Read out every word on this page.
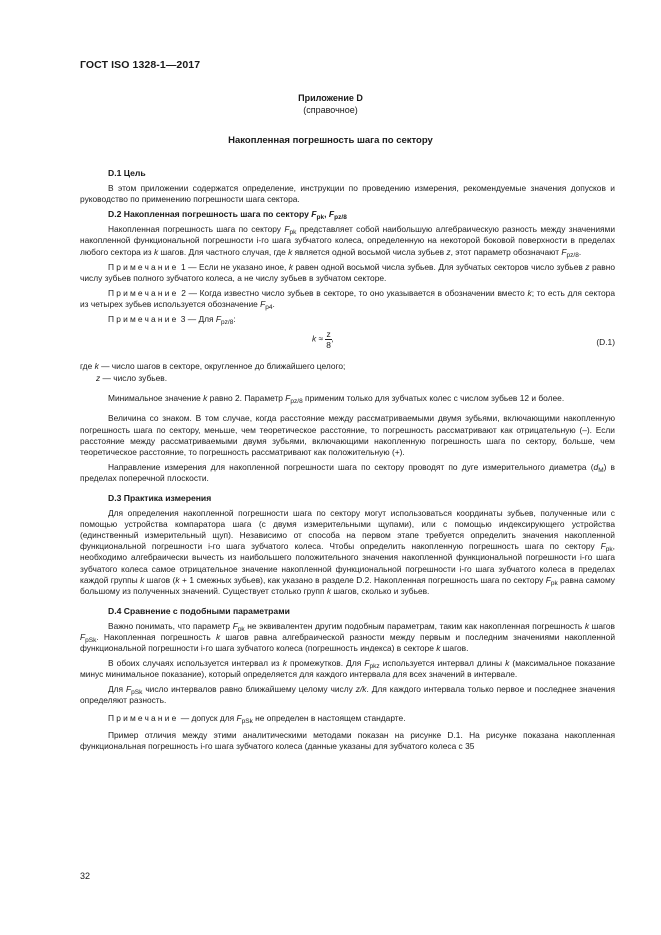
ГОСТ ISO 1328-1—2017
Приложение D
(справочное)
Накопленная погрешность шага по сектору
D.1 Цель
В этом приложении содержатся определение, инструкции по проведению измерения, рекомендуемые значения допусков и руководство по применению погрешности шага сектора.
D.2 Накопленная погрешность шага по сектору $F_{pk}$, $F_{pz/8}$
Накопленная погрешность шага по сектору $F_{pk}$ представляет собой наибольшую алгебраическую разность между значениями накопленной функциональной погрешности i-го шага зубчатого колеса, определенную на некоторой боковой поверхности в пределах любого сектора из k шагов. Для частного случая, где k является одной восьмой числа зубьев z, этот параметр обозначают $F_{pz/8}$.
Примечание 1 — Если не указано иное, k равен одной восьмой числа зубьев. Для зубчатых секторов число зубьев z равно числу зубьев полного зубчатого колеса, а не числу зубьев в зубчатом секторе.
Примечание 2 — Когда известно число зубьев в секторе, то оно указывается в обозначении вместо k; то есть для сектора из четырех зубьев используется обозначение $F_{p4}$.
Примечание 3 — Для $F_{pz/8}$:
$k \approx \frac{z}{8}$ ,	(D.1)
где k — число шагов в секторе, округленное до ближайшего целого;
z — число зубьев.
Минимальное значение k равно 2. Параметр $F_{pz/8}$ применим только для зубчатых колес с числом зубьев 12 и более.
Величина со знаком. В том случае, когда расстояние между рассматриваемыми двумя зубьями, включающими накопленную погрешность шага по сектору, меньше, чем теоретическое расстояние, то погрешность рассматривают как отрицательную (–). Если расстояние между рассматриваемыми двумя зубьями, включающими накопленную погрешность шага по сектору, больше, чем теоретическое расстояние, то погрешность рассматривают как положительную (+).
Направление измерения для накопленной погрешности шага по сектору проводят по дуге измерительного диаметра $(d_M)$ в пределах поперечной плоскости.
D.3 Практика измерения
Для определения накопленной погрешности шага по сектору могут использоваться координаты зубьев, полученные или с помощью устройства компаратора шага (с двумя измерительными щупами), или с помощью индексирующего устройства (единственный измерительный щуп). Независимо от способа на первом этапе требуется определить значения накопленной функциональной погрешности i-го шага зубчатого колеса. Чтобы определить накопленную погрешность шага по сектору $F_{pk}$, необходимо алгебраически вычесть из наибольшего положительного значения накопленной функциональной погрешности i-го шага зубчатого колеса самое отрицательное значение накопленной функциональной погрешности i-го шага зубчатого колеса в пределах каждой группы k шагов (k + 1 смежных зубьев), как указано в разделе D.2. Накопленная погрешность шага по сектору $F_{pk}$ равна самому большому из полученных значений. Существует столько групп k шагов, сколько и зубьев.
D.4 Сравнение с подобными параметрами
Важно понимать, что параметр $F_{pk}$ не эквивалентен другим подобным параметрам, таким как накопленная погрешность k шагов $F_{pSk}$. Накопленная погрешность k шагов равна алгебраической разности между первым и последним значениями накопленной функциональной погрешности i-го шага зубчатого колеса (погрешность индекса) в секторе k шагов.
В обоих случаях используется интервал из k промежутков. Для $F_{pkz}$ используется интервал длины k (максимальное показание минус минимальное показание), который определяется для каждого интервала для всех значений в интервале.
Для $F_{pSk}$ число интервалов равно ближайшему целому числу z/k. Для каждого интервала только первое и последнее значения определяют разность.
Примечание — допуск для $F_{pSk}$ не определен в настоящем стандарте.
Пример отличия между этими аналитическими методами показан на рисунке D.1. На рисунке показана накопленная функциональная погрешность i-го шага зубчатого колеса (данные указаны для зубчатого колеса с 35
32
